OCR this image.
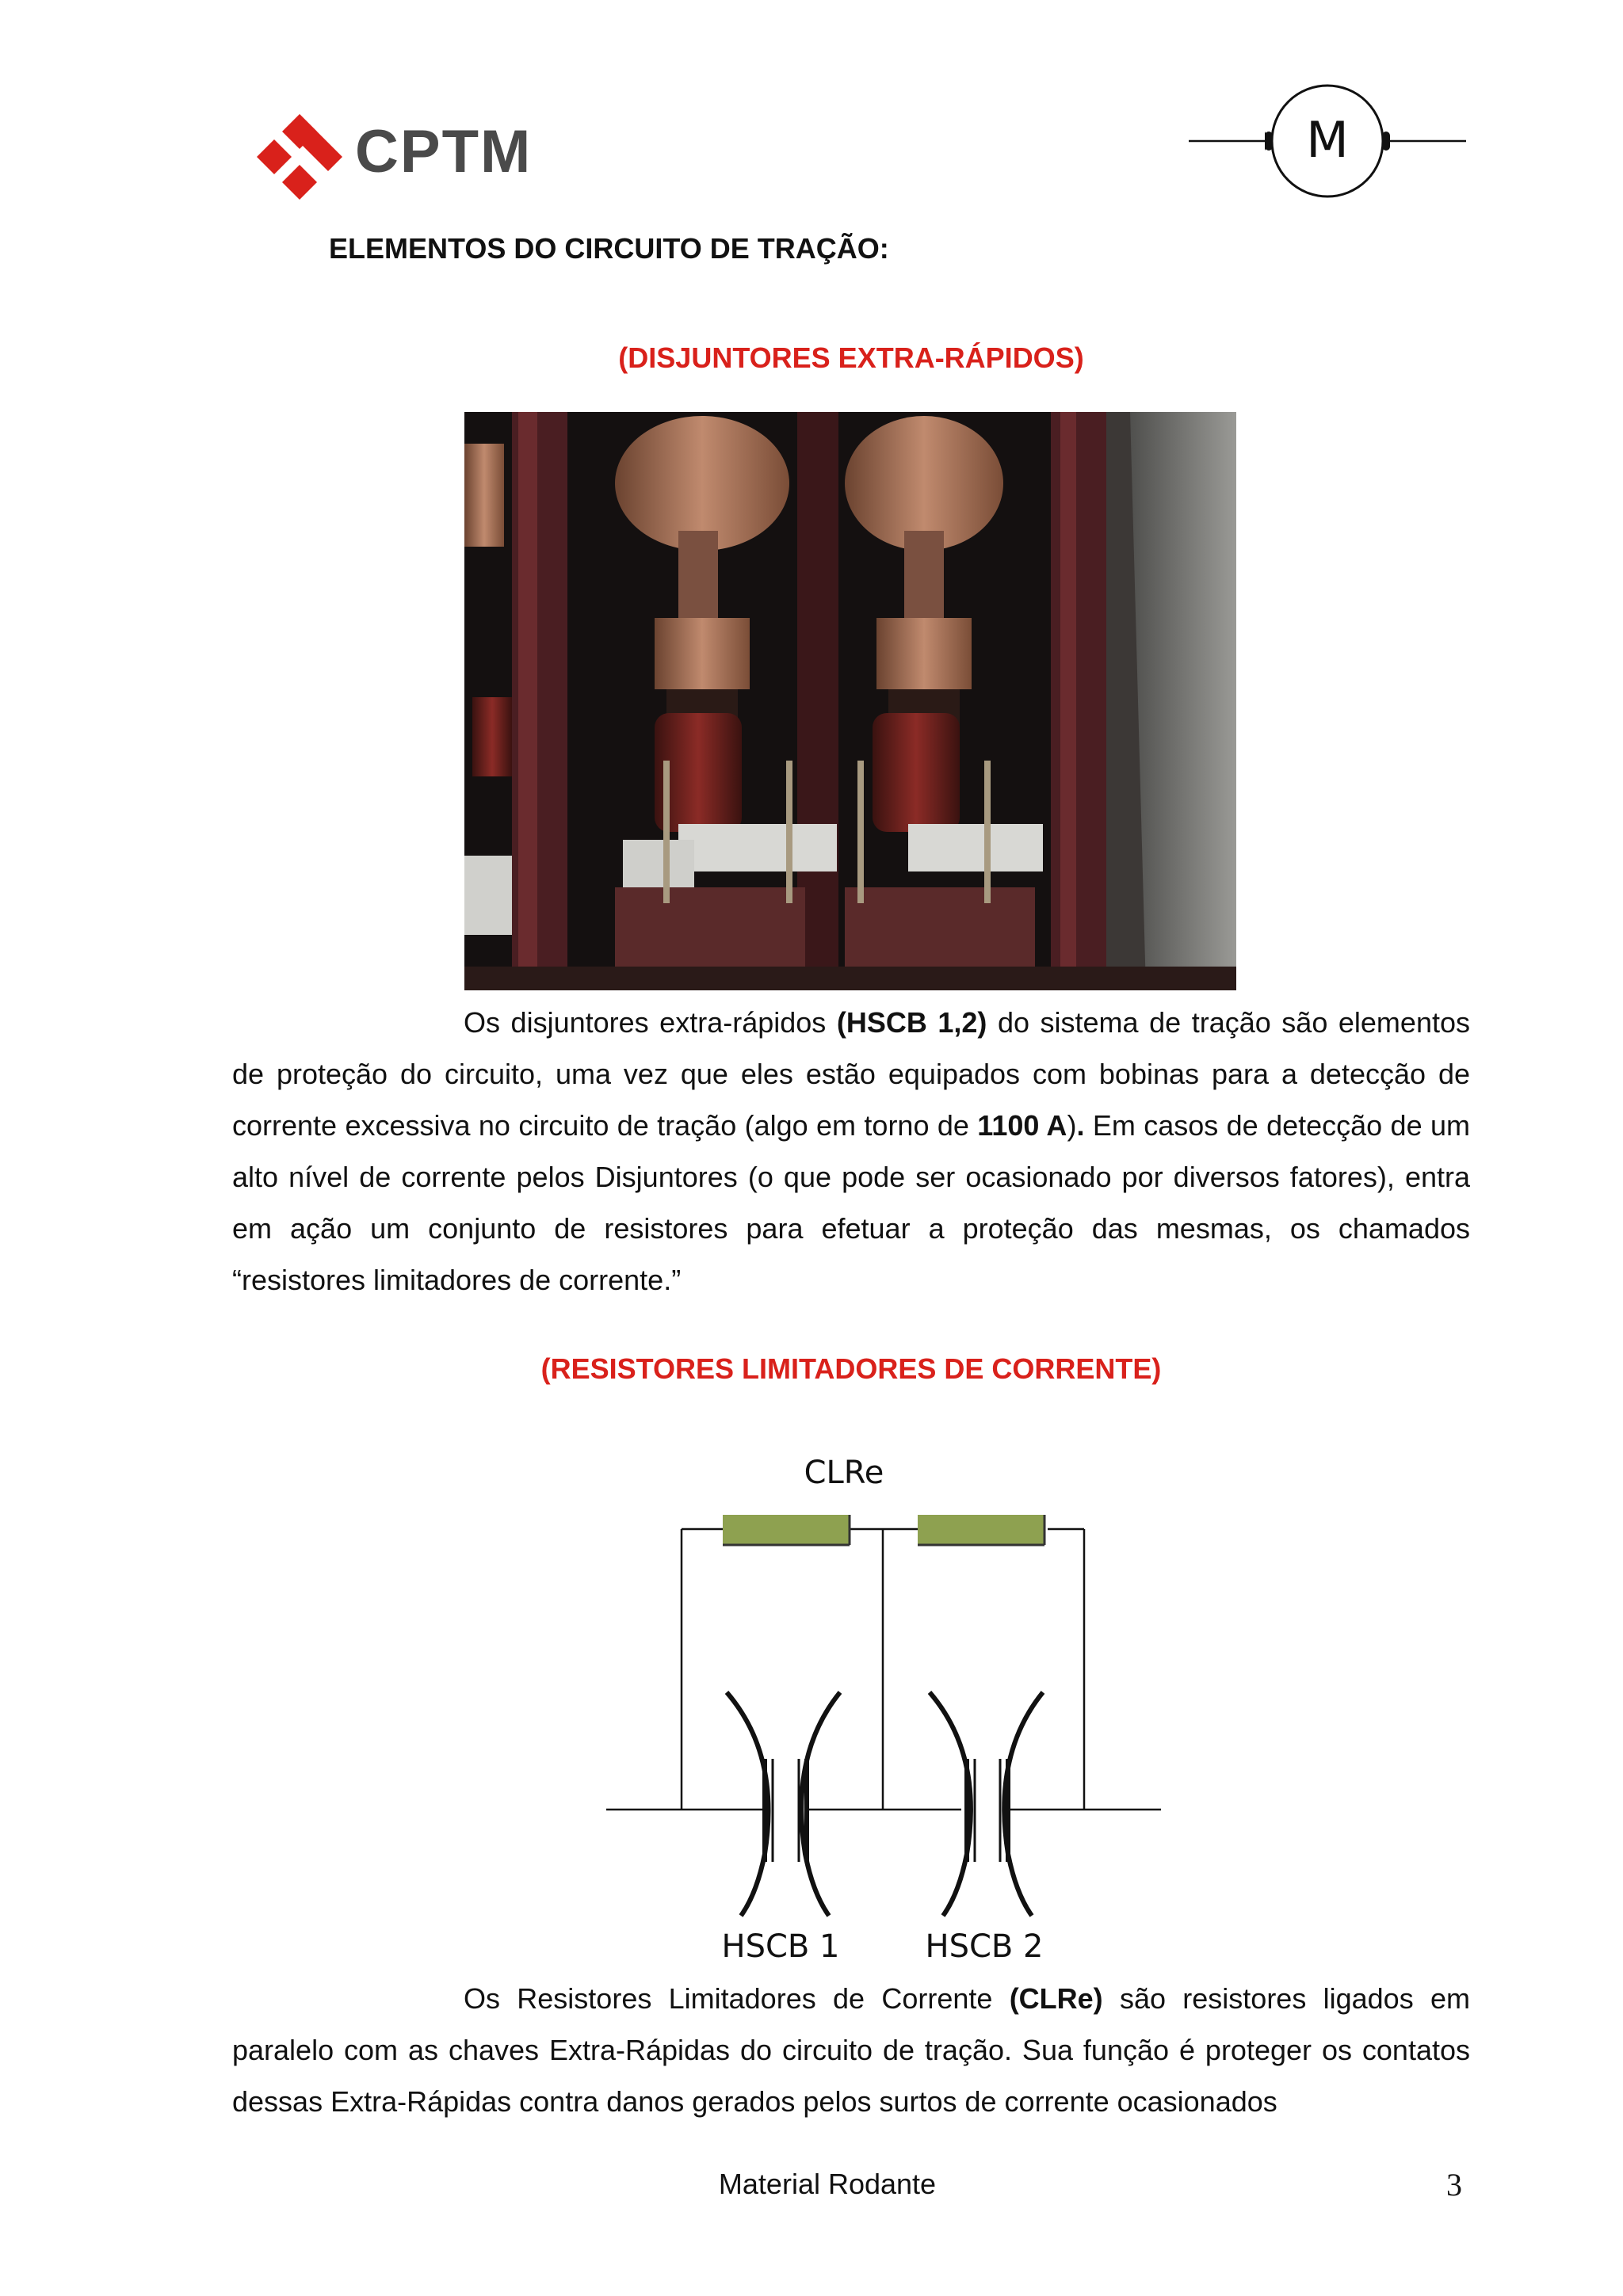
CPTM	M
ELEMENTOS DO CIRCUITO DE TRAÇÃO:
(DISJUNTORES EXTRA-RÁPIDOS)
Os disjuntores extra-rápidos (HSCB 1,2) do sistema de tração são elementos de proteção do circuito, uma vez que eles estão equipados com bobinas para a detecção de corrente excessiva no circuito de tração (algo em torno de 1100 A). Em casos de detecção de um alto nível de corrente pelos Disjuntores (o que pode ser ocasionado por diversos fatores), entra em ação um conjunto de resistores para efetuar a proteção das mesmas, os chamados “resistores limitadores de corrente.”
(RESISTORES LIMITADORES DE CORRENTE)
CLRe
HSCB 1	HSCB 2
Os Resistores Limitadores de Corrente (CLRe) são resistores ligados em paralelo com as chaves Extra-Rápidas do circuito de tração. Sua função é proteger os contatos dessas Extra-Rápidas contra danos gerados pelos surtos de corrente ocasionados
Material Rodante	3
